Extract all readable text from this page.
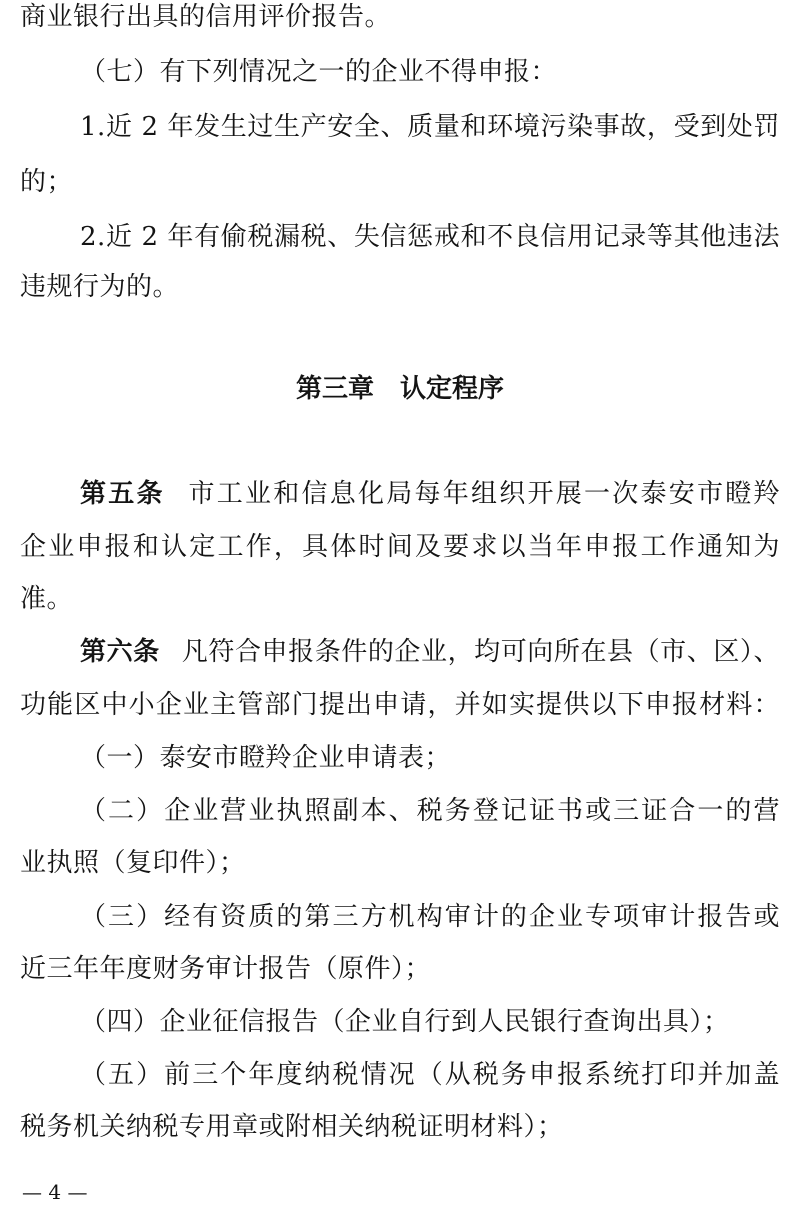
商业银行出具的信用评价报告。
（七）有下列情况之一的企业不得申报：
1.近 2 年发生过生产安全、质量和环境污染事故，受到处罚
的；
2.近 2 年有偷税漏税、失信惩戒和不良信用记录等其他违法
违规行为的。
第三章　认定程序
第五条 市工业和信息化局每年组织开展一次泰安市瞪羚
企业申报和认定工作，具体时间及要求以当年申报工作通知为
准。
第六条 凡符合申报条件的企业，均可向所在县（市、区）、
功能区中小企业主管部门提出申请，并如实提供以下申报材料：
（一）泰安市瞪羚企业申请表；
（二）企业营业执照副本、税务登记证书或三证合一的营
业执照（复印件）；
（三）经有资质的第三方机构审计的企业专项审计报告或
近三年年度财务审计报告（原件）；
（四）企业征信报告（企业自行到人民银行查询出具）；
（五）前三个年度纳税情况（从税务申报系统打印并加盖
税务机关纳税专用章或附相关纳税证明材料）；
— 4 —
